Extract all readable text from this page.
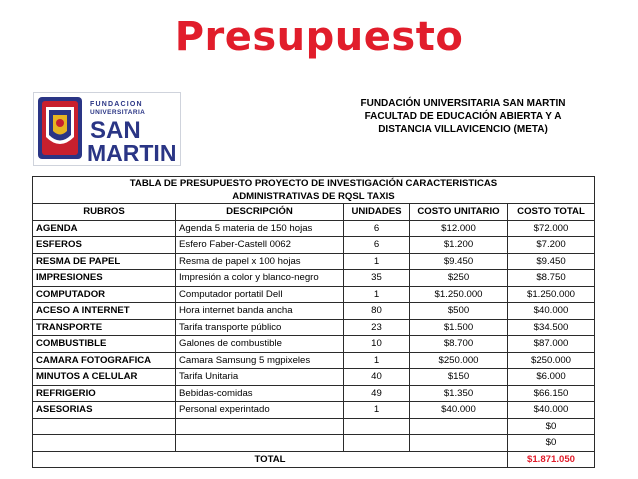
Presupuesto
FUNDACION
UNIVERSITARIA
SAN
MARTIN
FUNDACIÓN UNIVERSITARIA SAN MARTIN
FACULTAD DE EDUCACIÓN ABIERTA Y A
DISTANCIA VILLAVICENCIO (META)
TABLA DE PRESUPUESTO PROYECTO DE INVESTIGACIÓN CARACTERISTICAS
ADMINISTRATIVAS DE RQSL TAXIS				

RUBROS	DESCRIPCIÓN	UNIDADES	COSTO UNITARIO	COSTO TOTAL
AGENDA	Agenda 5 materia de 150 hojas	6	$12.000	$72.000
ESFEROS	Esfero Faber-Castell 0062	6	$1.200	$7.200
RESMA DE PAPEL	Resma de papel x 100 hojas	1	$9.450	$9.450
IMPRESIONES	Impresión a color y blanco-negro	35	$250	$8.750
COMPUTADOR	Computador portatil Dell	1	$1.250.000	$1.250.000
ACESO A INTERNET	Hora internet banda ancha	80	$500	$40.000
TRANSPORTE	Tarifa transporte público	23	$1.500	$34.500
COMBUSTIBLE	Galones de combustible	10	$8.700	$87.000
CAMARA FOTOGRAFICA	Camara Samsung 5 mgpixeles	1	$250.000	$250.000
MINUTOS A CELULAR	Tarifa Unitaria	40	$150	$6.000
REFRIGERIO	Bebidas-comidas	49	$1.350	$66.150
ASESORIAS	Personal experintado	1	$40.000	$40.000
				$0
				$0
TOTAL				$1.871.050
